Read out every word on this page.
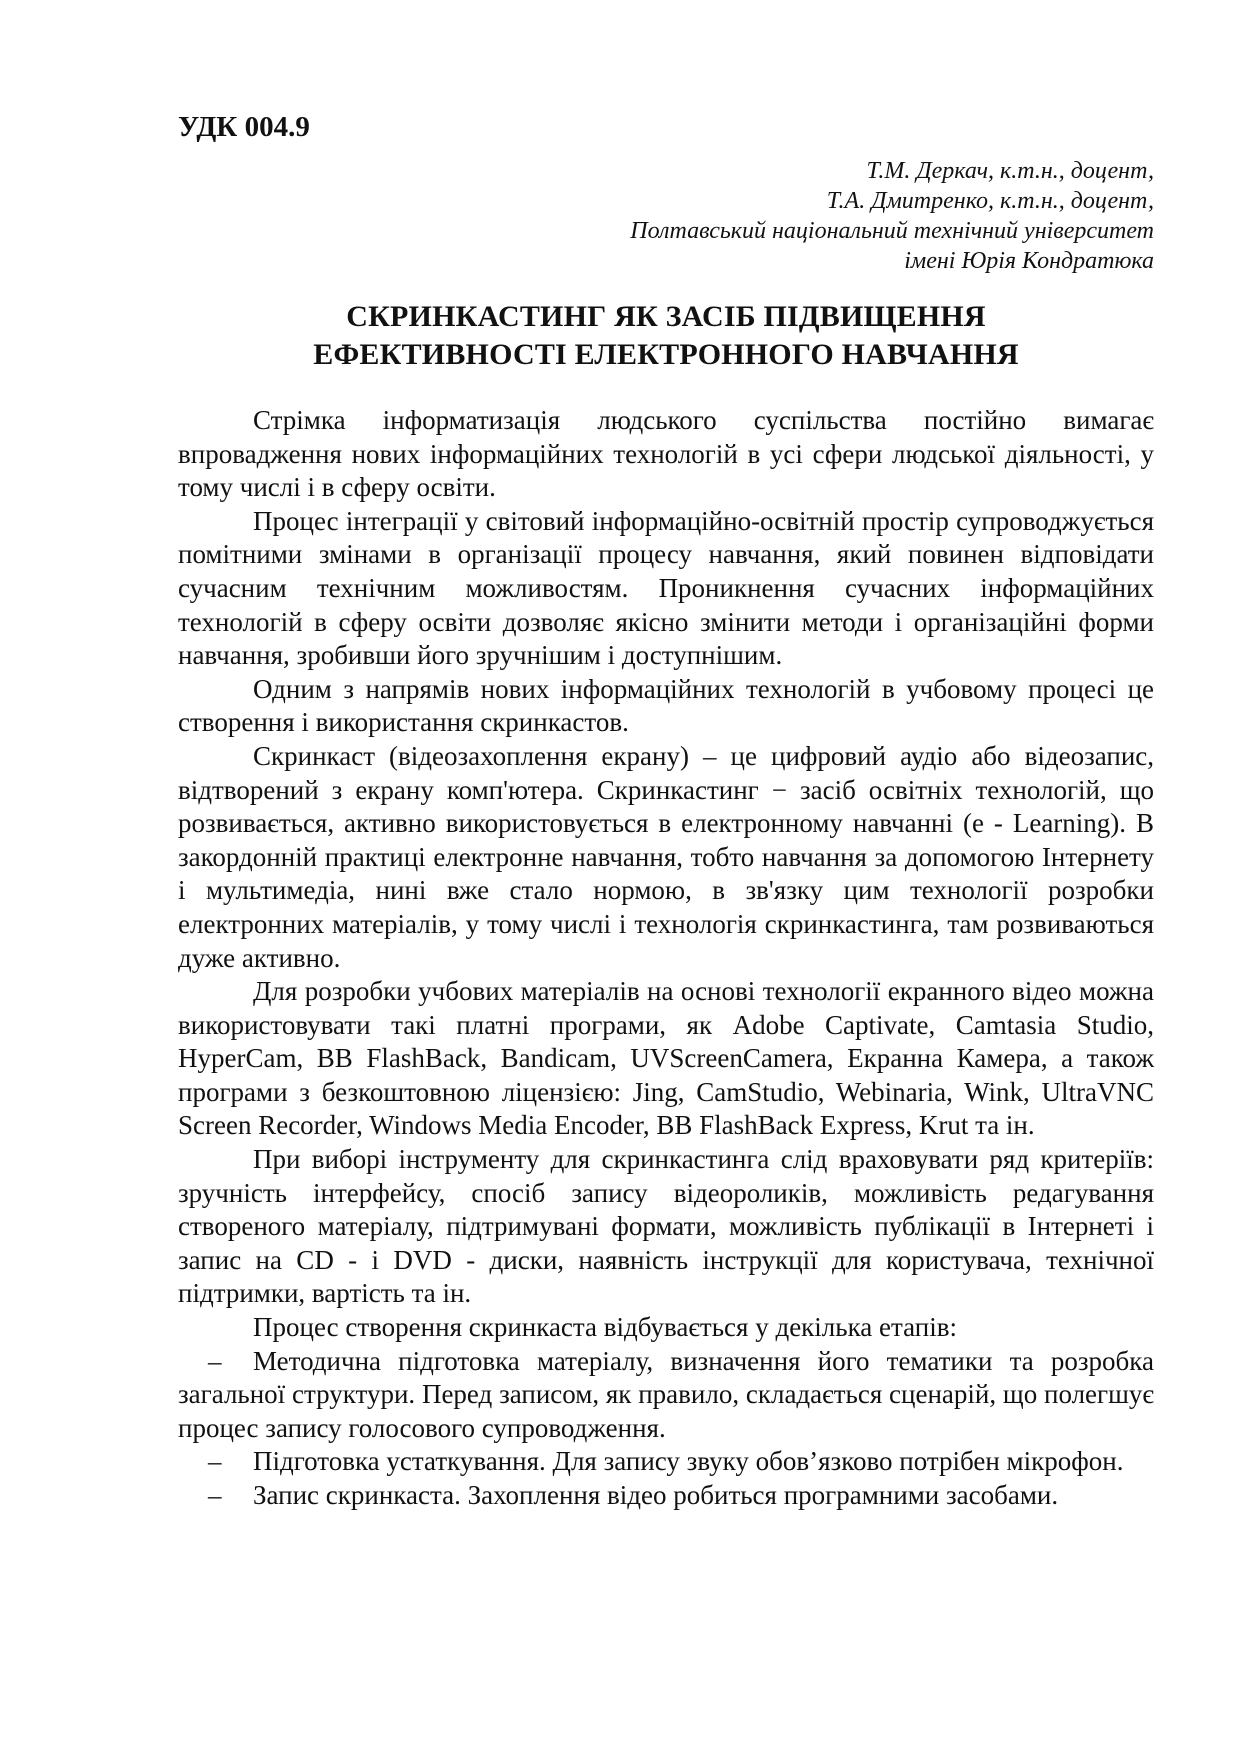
УДК 004.9

Т.М. Деркач, к.т.н., доцент,
Т.А. Дмитренко, к.т.н., доцент,
Полтавський національний технічний університет
імені Юрія Кондратюка
СКРИНКАСТИНГ ЯК ЗАСІБ ПІДВИЩЕННЯ
ЕФЕКТИВНОСТІ ЕЛЕКТРОННОГО НАВЧАННЯ

Стрімка інформатизація людського суспільства постійно вимагає впровадження нових інформаційних технологій в усі сфери людської діяльності, у тому числі і в сферу освіти.

Процес інтеграції у світовий інформаційно-освітній простір супроводжується помітними змінами в організації процесу навчання, який повинен відповідати сучасним технічним можливостям. Проникнення сучасних інформаційних технологій в сферу освіти дозволяє якісно змінити методи і організаційні форми навчання, зробивши його зручнішим і доступнішим.

Одним з напрямів нових інформаційних технологій в учбовому процесі це створення і використання скринкастов.

Скринкаст (відеозахоплення екрану) – це цифровий аудіо або відеозапис, відтворений з екрану комп'ютера. Скринкастинг − засіб освітніх технологій, що розвивається, активно використовується в електронному навчанні (e - Learning). В закордонній практиці електронне навчання, тобто навчання за допомогою Інтернету і мультимедіа, нині вже стало нормою, в зв'язку цим технології розробки електронних матеріалів, у тому числі і технологія скринкастинга, там розвиваються дуже активно.

Для розробки учбових матеріалів на основі технології екранного відео можна використовувати такі платні програми, як Adobe Captivate, Camtasia Studio, HyperCam, BB FlashBack, Bandicam, UVScreenCamera, Екранна Камера, а також програми з безкоштовною ліцензією: Jing, CamStudio, Webinaria, Wink, UltraVNC Screen Recorder, Windows Media Encoder, BB FlashBack Express, Krut та ін.

При виборі інструменту для скринкастинга слід враховувати ряд критеріїв: зручність інтерфейсу, спосіб запису відеороликів, можливість редагування створеного матеріалу, підтримувані формати, можливість публікації в Інтернеті і запис на CD - і DVD - диски, наявність інструкції для користувача, технічної підтримки, вартість та ін.

Процес створення скринкаста відбувається у декілька етапів:

– Методична підготовка матеріалу, визначення його тематики та розробка загальної структури. Перед записом, як правило, складається сценарій, що полегшує процес запису голосового супроводження.

– Підготовка устаткування. Для запису звуку обов’язково потрібен мікрофон.

– Запис скринкаста. Захоплення відео робиться програмними засобами.
